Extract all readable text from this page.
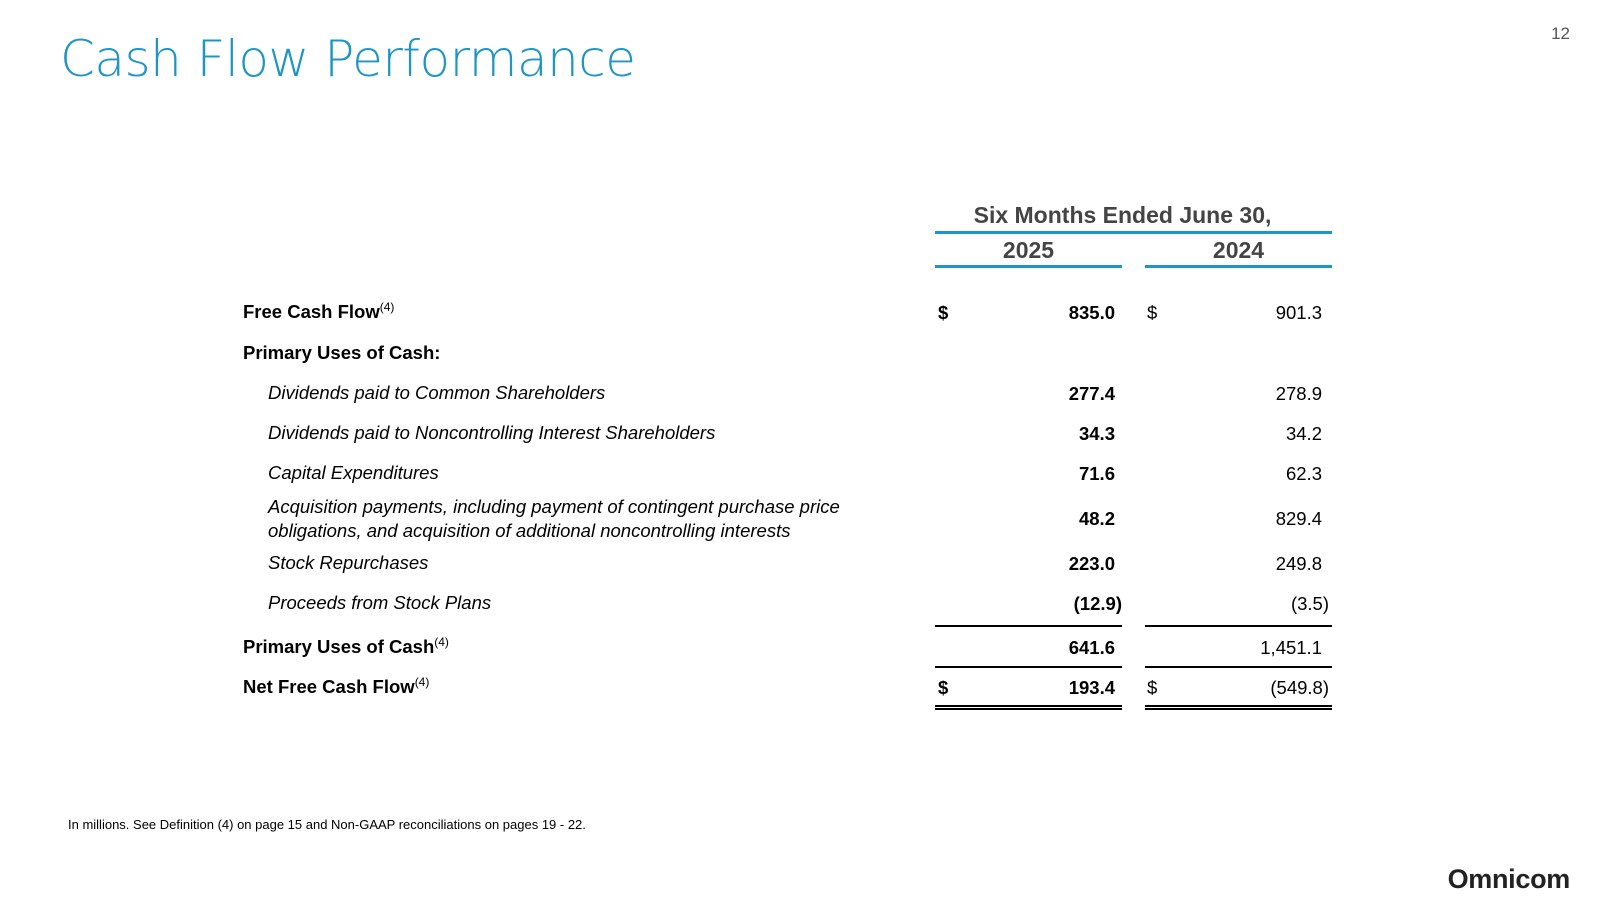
Cash Flow Performance	12
Six Months Ended June 30,
2025	2024
Free Cash Flow$^{(4)}$	$	835.0 $	901.3
Primary Uses of Cash:
Dividends paid to Common Shareholders	277.4	278.9
Dividends paid to Noncontrolling Interest Shareholders	34.3	34.2
Capital Expenditures	71.6	62.3
Acquisition payments, including payment of contingent purchase price
obligations, and acquisition of additional noncontrolling interests
48.2	829.4
Stock Repurchases	223.0	249.8
Proceeds from Stock Plans	(12.9)	(3.5)
Primary Uses of Cash$^{(4)}$	641.6	1,451.1
Net Free Cash Flow$^{(4)}$	$	193.4 $	(549.8)
In millions. See Definition (4) on page 15 and Non-GAAP reconciliations on pages 19 - 22.
Omnicom
